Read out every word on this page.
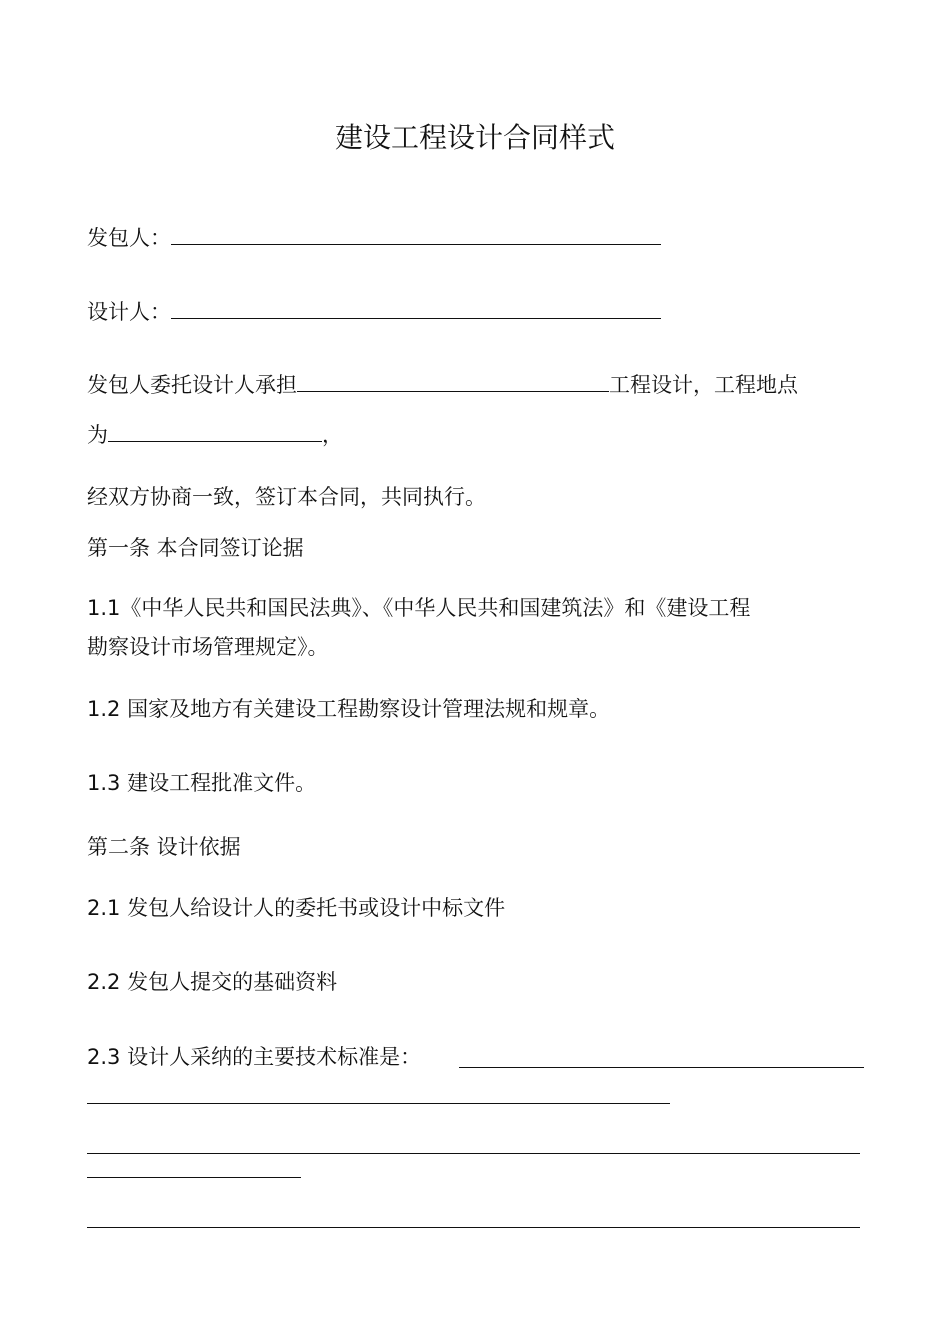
建设工程设计合同样式
发包人：
设计人：
发包人委托设计人承担	工程设计，工程地点
为	，
经双方协商一致，签订本合同，共同执行。
第一条 本合同签订论据
1.1《中华人民共和国民法典》、《中华人民共和国建筑法》和《建设工程
勘察设计市场管理规定》。
1.2 国家及地方有关建设工程勘察设计管理法规和规章。
1.3 建设工程批准文件。
第二条 设计依据
2.1 发包人给设计人的委托书或设计中标文件
2.2 发包人提交的基础资料
2.3 设计人采纳的主要技术标准是：
